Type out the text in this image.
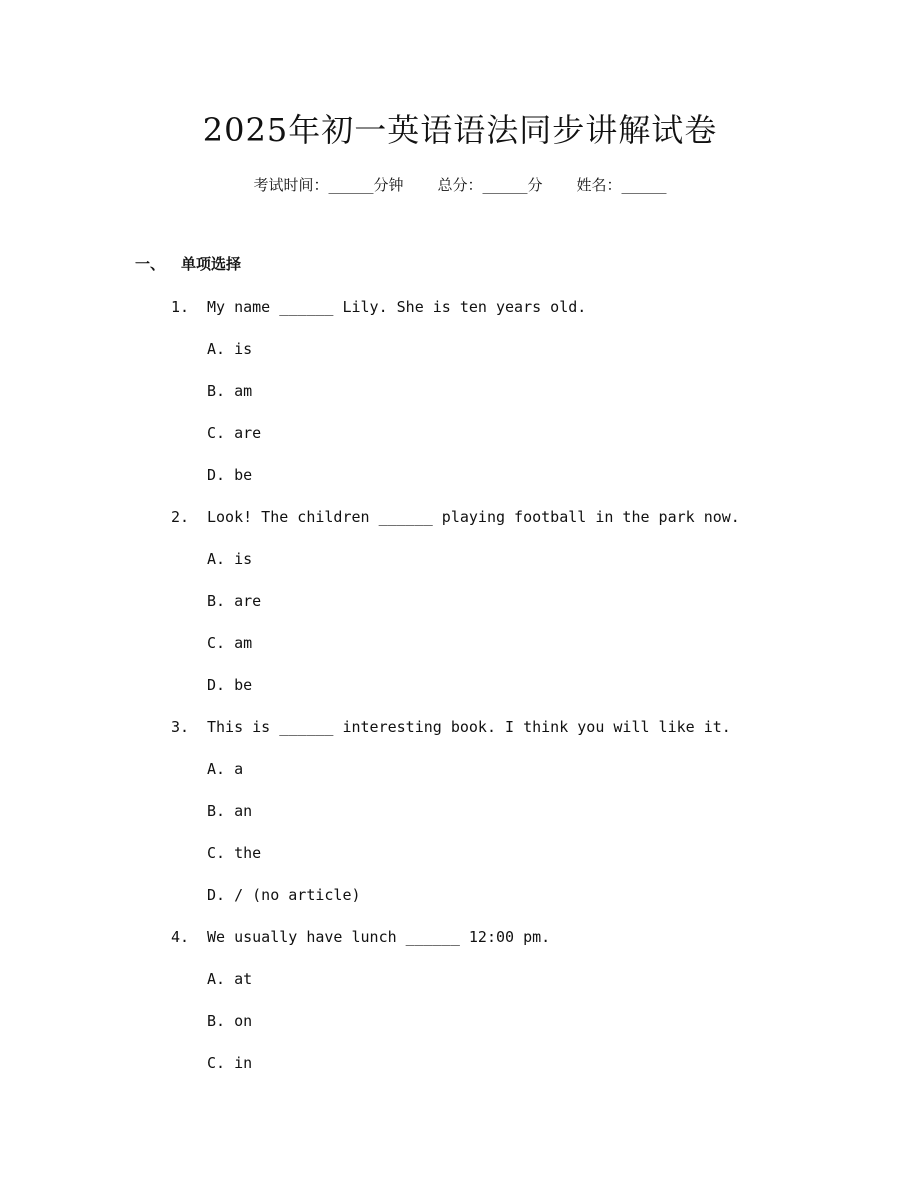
2025年初一英语语法同步讲解试卷
考试时间：______分钟 总分：______分 姓名：______
一、 单项选择
1. My name ______ Lily. She is ten years old.
A. is
B. am
C. are
D. be
2. Look! The children ______ playing football in the park now.
A. is
B. are
C. am
D. be
3. This is ______ interesting book. I think you will like it.
A. a
B. an
C. the
D. / (no article)
4. We usually have lunch ______ 12:00 pm.
A. at
B. on
C. in
